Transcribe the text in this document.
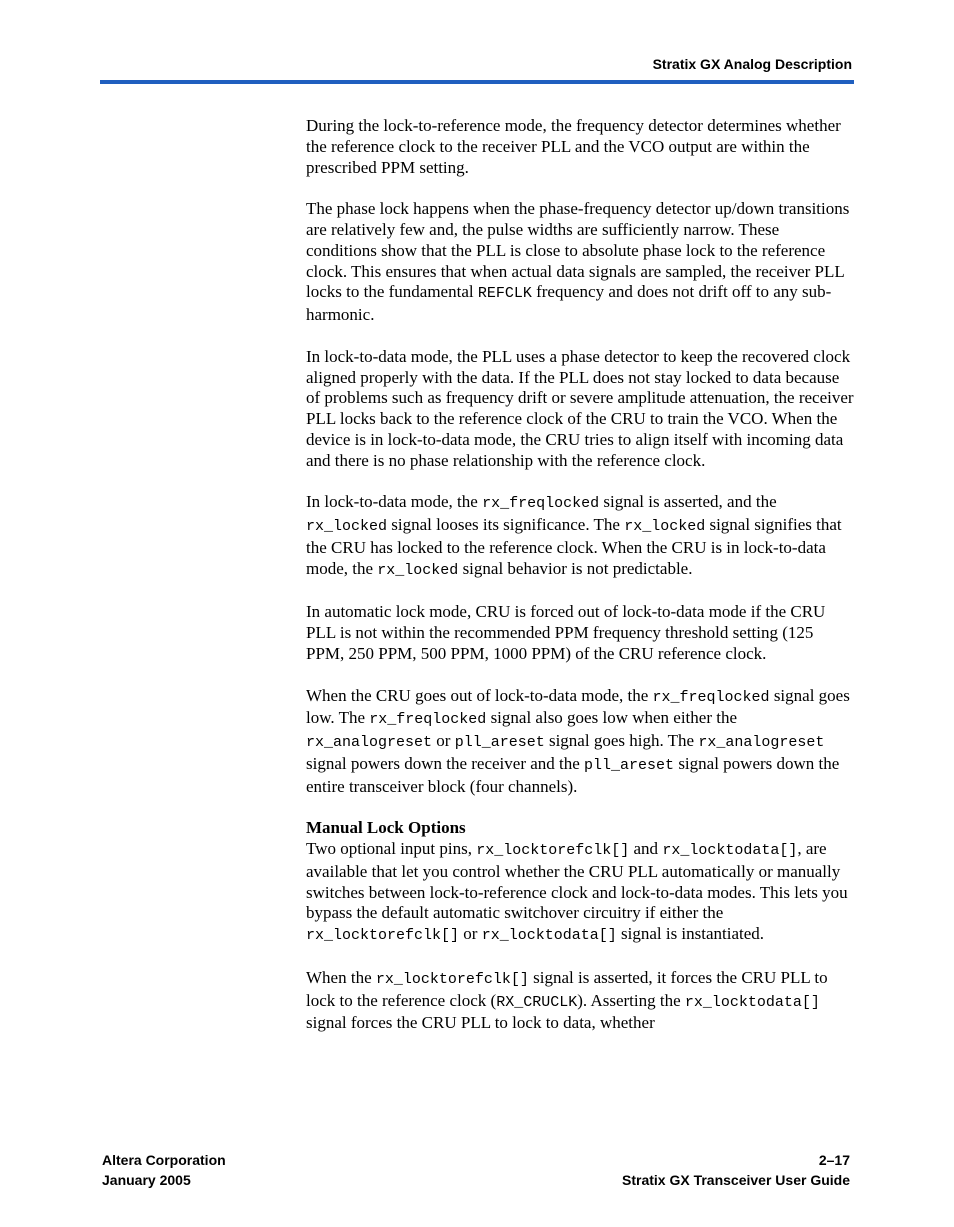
Stratix GX Analog Description

During the lock-to-reference mode, the frequency detector determines whether the reference clock to the receiver PLL and the VCO output are within the prescribed PPM setting.

The phase lock happens when the phase-frequency detector up/down transitions are relatively few and, the pulse widths are sufficiently narrow. These conditions show that the PLL is close to absolute phase lock to the reference clock. This ensures that when actual data signals are sampled, the receiver PLL locks to the fundamental REFCLK frequency and does not drift off to any sub-harmonic.

In lock-to-data mode, the PLL uses a phase detector to keep the recovered clock aligned properly with the data. If the PLL does not stay locked to data because of problems such as frequency drift or severe amplitude attenuation, the receiver PLL locks back to the reference clock of the CRU to train the VCO. When the device is in lock-to-data mode, the CRU tries to align itself with incoming data and there is no phase relationship with the reference clock.

In lock-to-data mode, the rx_freqlocked signal is asserted, and the rx_locked signal looses its significance. The rx_locked signal signifies that the CRU has locked to the reference clock. When the CRU is in lock-to-data mode, the rx_locked signal behavior is not predictable.

In automatic lock mode, CRU is forced out of lock-to-data mode if the CRU PLL is not within the recommended PPM frequency threshold setting (125 PPM, 250 PPM, 500 PPM, 1000 PPM) of the CRU reference clock.

When the CRU goes out of lock-to-data mode, the rx_freqlocked signal goes low. The rx_freqlocked signal also goes low when either the rx_analogreset or pll_areset signal goes high. The rx_analogreset signal powers down the receiver and the pll_areset signal powers down the entire transceiver block (four channels).

Manual Lock Options
Two optional input pins, rx_locktorefclk[] and rx_locktodata[], are available that let you control whether the CRU PLL automatically or manually switches between lock-to-reference clock and lock-to-data modes. This lets you bypass the default automatic switchover circuitry if either the rx_locktorefclk[] or rx_locktodata[] signal is instantiated.

When the rx_locktorefclk[] signal is asserted, it forces the CRU PLL to lock to the reference clock (RX_CRUCLK). Asserting the rx_locktodata[] signal forces the CRU PLL to lock to data, whether

Altera Corporation
January 2005
2–17
Stratix GX Transceiver User Guide
